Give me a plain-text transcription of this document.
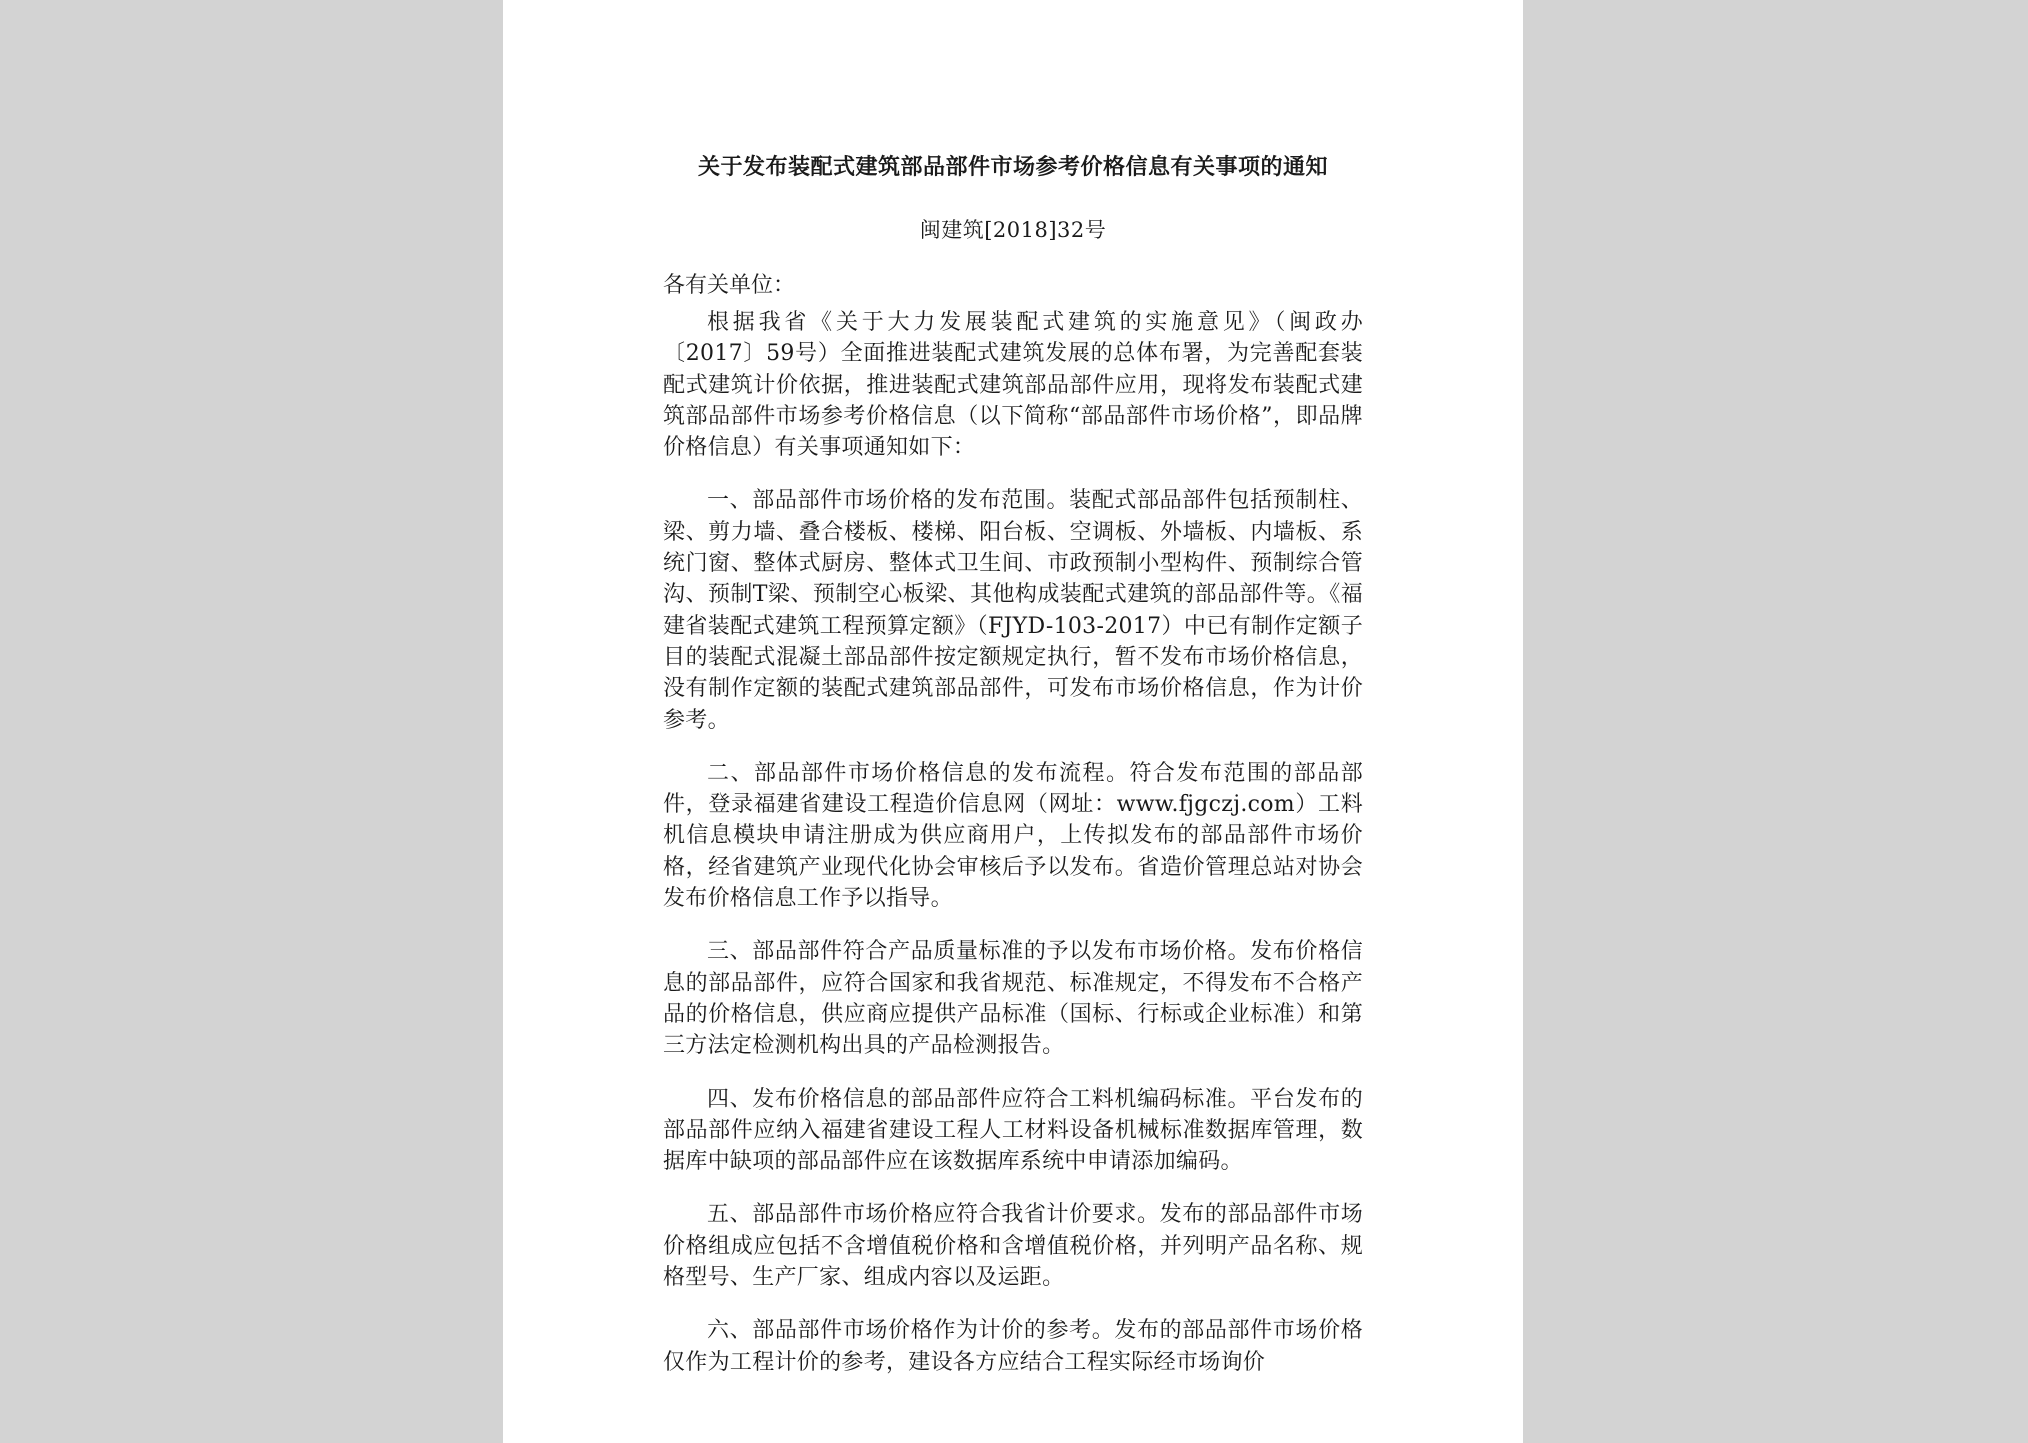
关于发布装配式建筑部品部件市场参考价格信息有关事项的通知
闽建筑[2018]32号
各有关单位：

根据我省《关于大力发展装配式建筑的实施意见》（闽政办〔2017〕59号）全面推进装配式建筑发展的总体布署，为完善配套装配式建筑计价依据，推进装配式建筑部品部件应用，现将发布装配式建筑部品部件市场参考价格信息（以下简称“部品部件市场价格”，即品牌价格信息）有关事项通知如下：

一、部品部件市场价格的发布范围。装配式部品部件包括预制柱、梁、剪力墙、叠合楼板、楼梯、阳台板、空调板、外墙板、内墙板、系统门窗、整体式厨房、整体式卫生间、市政预制小型构件、预制综合管沟、预制T梁、预制空心板梁、其他构成装配式建筑的部品部件等。《福建省装配式建筑工程预算定额》（FJYD-103-2017）中已有制作定额子目的装配式混凝土部品部件按定额规定执行，暂不发布市场价格信息，没有制作定额的装配式建筑部品部件，可发布市场价格信息，作为计价参考。

二、部品部件市场价格信息的发布流程。符合发布范围的部品部件，登录福建省建设工程造价信息网（网址：www.fjgczj.com）工料机信息模块申请注册成为供应商用户，上传拟发布的部品部件市场价格，经省建筑产业现代化协会审核后予以发布。省造价管理总站对协会发布价格信息工作予以指导。

三、部品部件符合产品质量标准的予以发布市场价格。发布价格信息的部品部件，应符合国家和我省规范、标准规定，不得发布不合格产品的价格信息，供应商应提供产品标准（国标、行标或企业标准）和第三方法定检测机构出具的产品检测报告。

四、发布价格信息的部品部件应符合工料机编码标准。平台发布的部品部件应纳入福建省建设工程人工材料设备机械标准数据库管理，数据库中缺项的部品部件应在该数据库系统中申请添加编码。

五、部品部件市场价格应符合我省计价要求。发布的部品部件市场价格组成应包括不含增值税价格和含增值税价格，并列明产品名称、规格型号、生产厂家、组成内容以及运距。

六、部品部件市场价格作为计价的参考。发布的部品部件市场价格仅作为工程计价的参考，建设各方应结合工程实际经市场询价
